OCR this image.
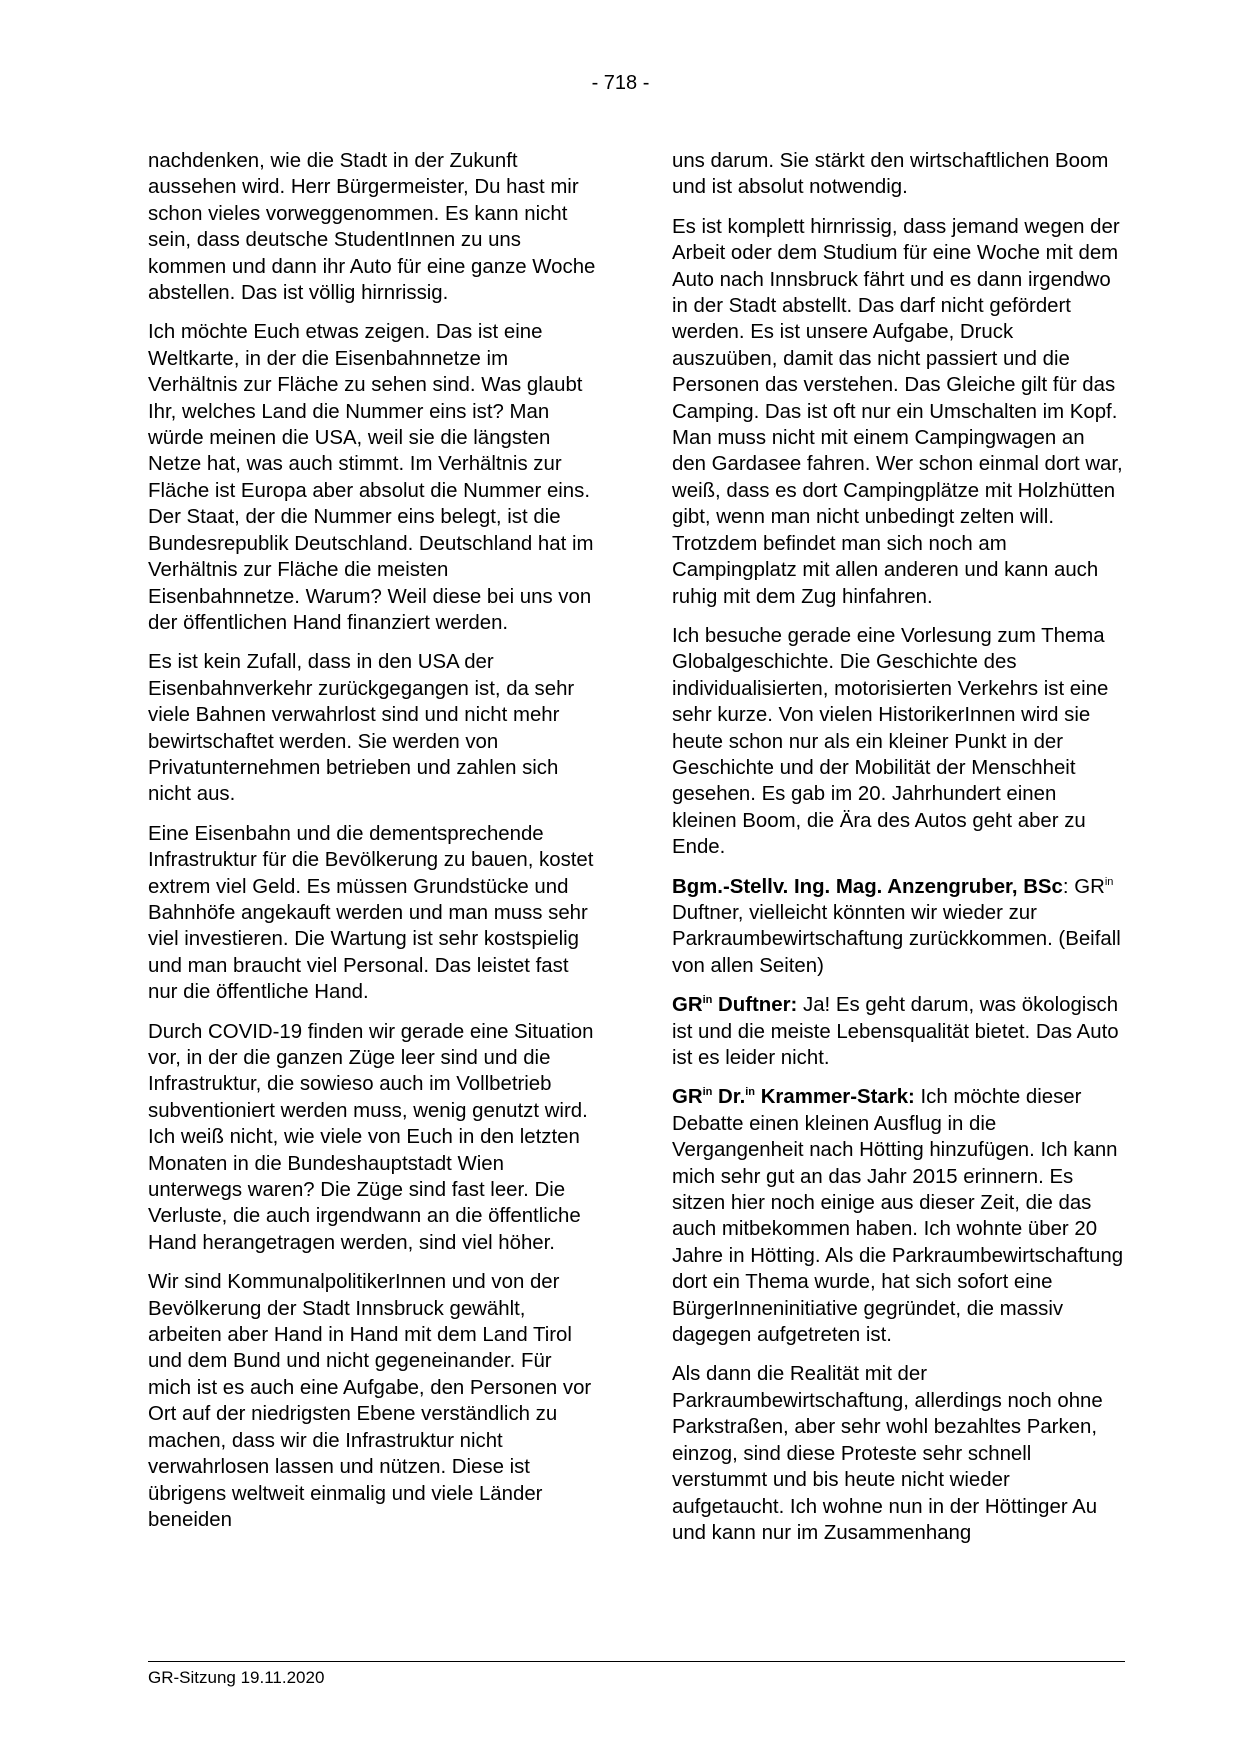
- 718 -

nachdenken, wie die Stadt in der Zukunft aussehen wird. Herr Bürgermeister, Du hast mir schon vieles vorweggenommen. Es kann nicht sein, dass deutsche StudentInnen zu uns kommen und dann ihr Auto für eine ganze Woche abstellen. Das ist völlig hirnrissig.

Ich möchte Euch etwas zeigen. Das ist eine Weltkarte, in der die Eisenbahnnetze im Verhältnis zur Fläche zu sehen sind. Was glaubt Ihr, welches Land die Nummer eins ist? Man würde meinen die USA, weil sie die längsten Netze hat, was auch stimmt. Im Verhältnis zur Fläche ist Europa aber absolut die Nummer eins. Der Staat, der die Nummer eins belegt, ist die Bundesrepublik Deutschland. Deutschland hat im Verhältnis zur Fläche die meisten Eisenbahnnetze. Warum? Weil diese bei uns von der öffentlichen Hand finanziert werden.

Es ist kein Zufall, dass in den USA der Eisenbahnverkehr zurückgegangen ist, da sehr viele Bahnen verwahrlost sind und nicht mehr bewirtschaftet werden. Sie werden von Privatunternehmen betrieben und zahlen sich nicht aus.

Eine Eisenbahn und die dementsprechende Infrastruktur für die Bevölkerung zu bauen, kostet extrem viel Geld. Es müssen Grundstücke und Bahnhöfe angekauft werden und man muss sehr viel investieren. Die Wartung ist sehr kostspielig und man braucht viel Personal. Das leistet fast nur die öffentliche Hand.

Durch COVID-19 finden wir gerade eine Situation vor, in der die ganzen Züge leer sind und die Infrastruktur, die sowieso auch im Vollbetrieb subventioniert werden muss, wenig genutzt wird. Ich weiß nicht, wie viele von Euch in den letzten Monaten in die Bundeshauptstadt Wien unterwegs waren? Die Züge sind fast leer. Die Verluste, die auch irgendwann an die öffentliche Hand herangetragen werden, sind viel höher.

Wir sind KommunalpolitikerInnen und von der Bevölkerung der Stadt Innsbruck gewählt, arbeiten aber Hand in Hand mit dem Land Tirol und dem Bund und nicht gegeneinander. Für mich ist es auch eine Aufgabe, den Personen vor Ort auf der niedrigsten Ebene verständlich zu machen, dass wir die Infrastruktur nicht verwahrlosen lassen und nützen. Diese ist übrigens weltweit einmalig und viele Länder beneiden

uns darum. Sie stärkt den wirtschaftlichen Boom und ist absolut notwendig.

Es ist komplett hirnrissig, dass jemand wegen der Arbeit oder dem Studium für eine Woche mit dem Auto nach Innsbruck fährt und es dann irgendwo in der Stadt abstellt. Das darf nicht gefördert werden. Es ist unsere Aufgabe, Druck auszuüben, damit das nicht passiert und die Personen das verstehen. Das Gleiche gilt für das Camping. Das ist oft nur ein Umschalten im Kopf. Man muss nicht mit einem Campingwagen an den Gardasee fahren. Wer schon einmal dort war, weiß, dass es dort Campingplätze mit Holzhütten gibt, wenn man nicht unbedingt zelten will. Trotzdem befindet man sich noch am Campingplatz mit allen anderen und kann auch ruhig mit dem Zug hinfahren.

Ich besuche gerade eine Vorlesung zum Thema Globalgeschichte. Die Geschichte des individualisierten, motorisierten Verkehrs ist eine sehr kurze. Von vielen HistorikerInnen wird sie heute schon nur als ein kleiner Punkt in der Geschichte und der Mobilität der Menschheit gesehen. Es gab im 20. Jahrhundert einen kleinen Boom, die Ära des Autos geht aber zu Ende.

Bgm.-Stellv. Ing. Mag. Anzengruber, BSc: $GR^{in}$ Duftner, vielleicht könnten wir wieder zur Parkraumbewirtschaftung zurückkommen. (Beifall von allen Seiten)

$GR^{in}$ Duftner: Ja! Es geht darum, was ökologisch ist und die meiste Lebensqualität bietet. Das Auto ist es leider nicht.

$GR^{in}$ Dr.$^{in}$ Krammer-Stark: Ich möchte dieser Debatte einen kleinen Ausflug in die Vergangenheit nach Hötting hinzufügen. Ich kann mich sehr gut an das Jahr 2015 erinnern. Es sitzen hier noch einige aus dieser Zeit, die das auch mitbekommen haben. Ich wohnte über 20 Jahre in Hötting. Als die Parkraumbewirtschaftung dort ein Thema wurde, hat sich sofort eine BürgerInneninitiative gegründet, die massiv dagegen aufgetreten ist.

Als dann die Realität mit der Parkraumbewirtschaftung, allerdings noch ohne Parkstraßen, aber sehr wohl bezahltes Parken, einzog, sind diese Proteste sehr schnell verstummt und bis heute nicht wieder aufgetaucht. Ich wohne nun in der Höttinger Au und kann nur im Zusammenhang

GR-Sitzung 19.11.2020
